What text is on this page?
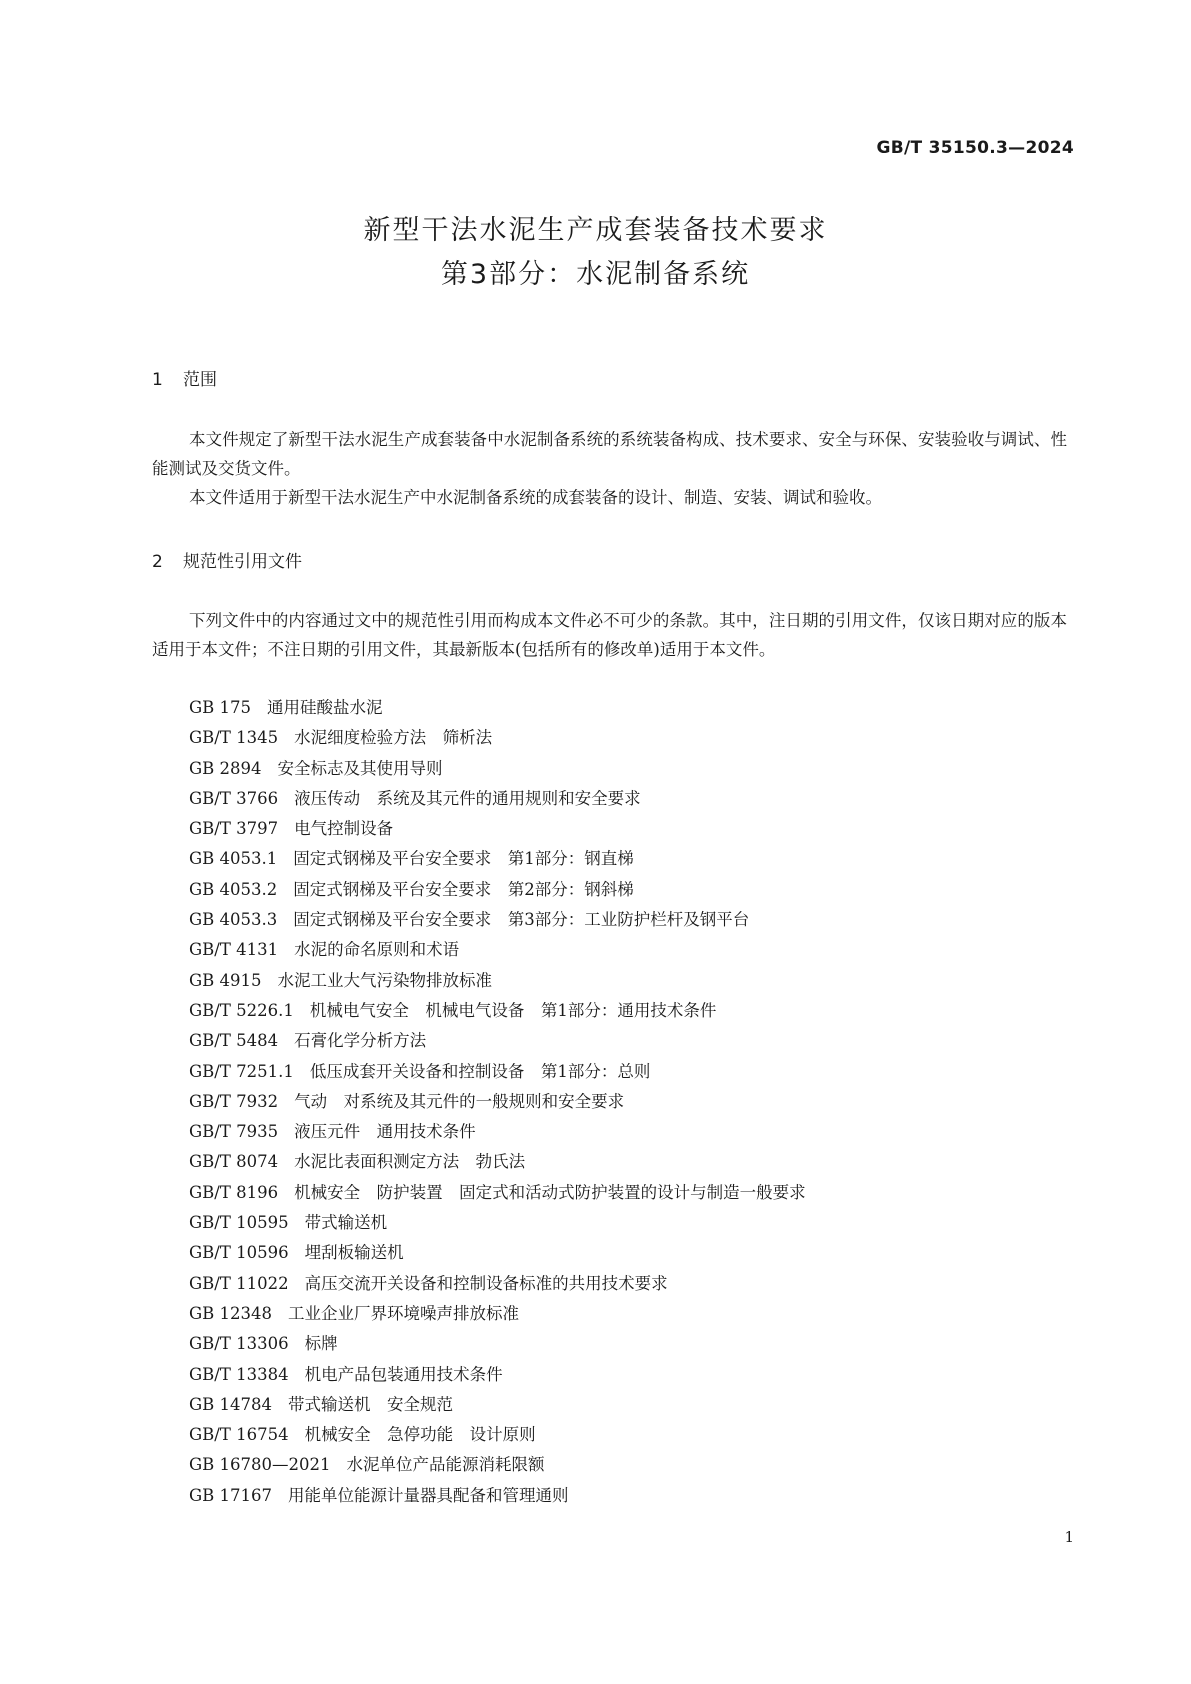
GB/T 35150.3—2024
新型干法水泥生产成套装备技术要求
第3部分：水泥制备系统
1 范围

本文件规定了新型干法水泥生产成套装备中水泥制备系统的系统装备构成、技术要求、安全与环保、安装验收与调试、性能测试及交货文件。

本文件适用于新型干法水泥生产中水泥制备系统的成套装备的设计、制造、安装、调试和验收。

2 规范性引用文件

下列文件中的内容通过文中的规范性引用而构成本文件必不可少的条款。其中，注日期的引用文件，仅该日期对应的版本适用于本文件；不注日期的引用文件，其最新版本(包括所有的修改单)适用于本文件。

GB 175 通用硅酸盐水泥
GB/T 1345 水泥细度检验方法　筛析法
GB 2894 安全标志及其使用导则
GB/T 3766 液压传动　系统及其元件的通用规则和安全要求
GB/T 3797 电气控制设备
GB 4053.1 固定式钢梯及平台安全要求　第1部分：钢直梯
GB 4053.2 固定式钢梯及平台安全要求　第2部分：钢斜梯
GB 4053.3 固定式钢梯及平台安全要求　第3部分：工业防护栏杆及钢平台
GB/T 4131 水泥的命名原则和术语
GB 4915 水泥工业大气污染物排放标准
GB/T 5226.1 机械电气安全　机械电气设备　第1部分：通用技术条件
GB/T 5484 石膏化学分析方法
GB/T 7251.1 低压成套开关设备和控制设备　第1部分：总则
GB/T 7932 气动　对系统及其元件的一般规则和安全要求
GB/T 7935 液压元件　通用技术条件
GB/T 8074 水泥比表面积测定方法　勃氏法
GB/T 8196 机械安全　防护装置　固定式和活动式防护装置的设计与制造一般要求
GB/T 10595 带式输送机
GB/T 10596 埋刮板输送机
GB/T 11022 高压交流开关设备和控制设备标准的共用技术要求
GB 12348 工业企业厂界环境噪声排放标准
GB/T 13306 标牌
GB/T 13384 机电产品包装通用技术条件
GB 14784 带式输送机　安全规范
GB/T 16754 机械安全　急停功能　设计原则
GB 16780—2021 水泥单位产品能源消耗限额
GB 17167 用能单位能源计量器具配备和管理通则
1
